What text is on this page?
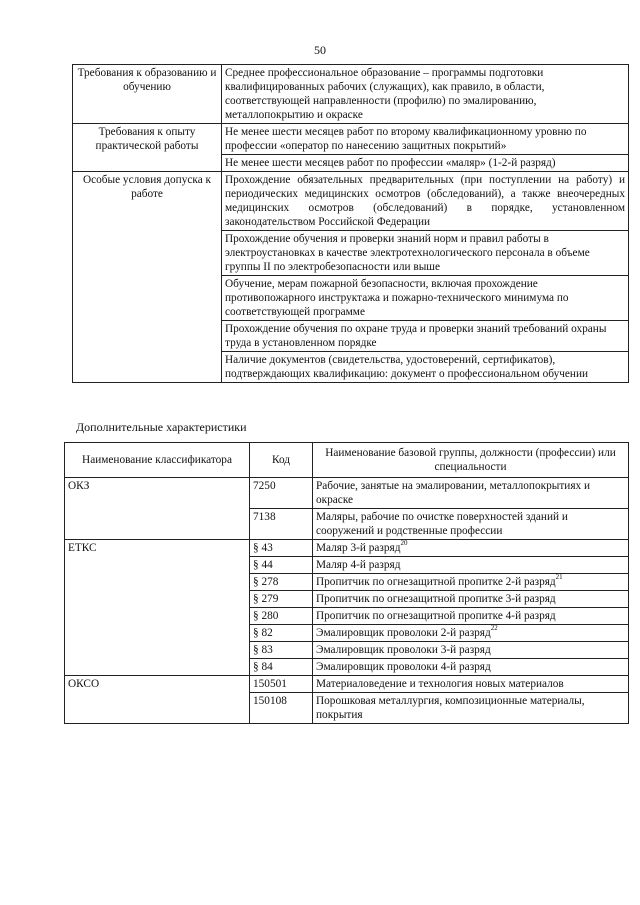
50
Требования к образованию и обучению	Среднее профессиональное образование – программы подготовки квалифицированных рабочих (служащих), как правило, в области, соответствующей направленности (профилю) по эмалированию, металлопокрытию и окраске
Требования к опыту практической работы	Не менее шести месяцев работ по второму квалификационному уровню по профессии «оператор по нанесению защитных покрытий»
	Не менее шести месяцев работ по профессии «маляр» (1-2-й разряд)
Особые условия допуска к работе	Прохождение обязательных предварительных (при поступлении на работу) и периодических медицинских осмотров (обследований), а также внеочередных медицинских осмотров (обследований) в порядке, установленном законодательством Российской Федерации
	Прохождение обучения и проверки знаний норм и правил работы в электроустановках в качестве электротехнологического персонала в объеме группы II по электробезопасности или выше
	Обучение, мерам пожарной безопасности, включая прохождение противопожарного инструктажа и пожарно-технического минимума по соответствующей программе
	Прохождение обучения по охране труда и проверки знаний требований охраны труда в установленном порядке
	Наличие документов (свидетельства, удостоверений, сертификатов), подтверждающих квалификацию: документ о профессиональном обучении
Дополнительные характеристики
Наименование классификатора	Код	Наименование базовой группы, должности (профессии) или специальности
ОКЗ	7250	Рабочие, занятые на эмалировании, металлопокрытиях и окраске
	7138	Маляры, рабочие по очистке поверхностей зданий и сооружений и родственные профессии
ЕТКС	§ 43	Маляр 3-й разряд$^{20}$
	§ 44	Маляр 4-й разряд
	§ 278	Пропитчик по огнезащитной пропитке 2-й разряд$^{21}$
	§ 279	Пропитчик по огнезащитной пропитке 3-й разряд
	§ 280	Пропитчик по огнезащитной пропитке 4-й разряд
	§ 82	Эмалировщик проволоки 2-й разряд$^{22}$
	§ 83	Эмалировщик проволоки 3-й разряд
	§ 84	Эмалировщик проволоки 4-й разряд
ОКСО	150501	Материаловедение и технология новых материалов
	150108	Порошковая металлургия, композиционные материалы, покрытия
